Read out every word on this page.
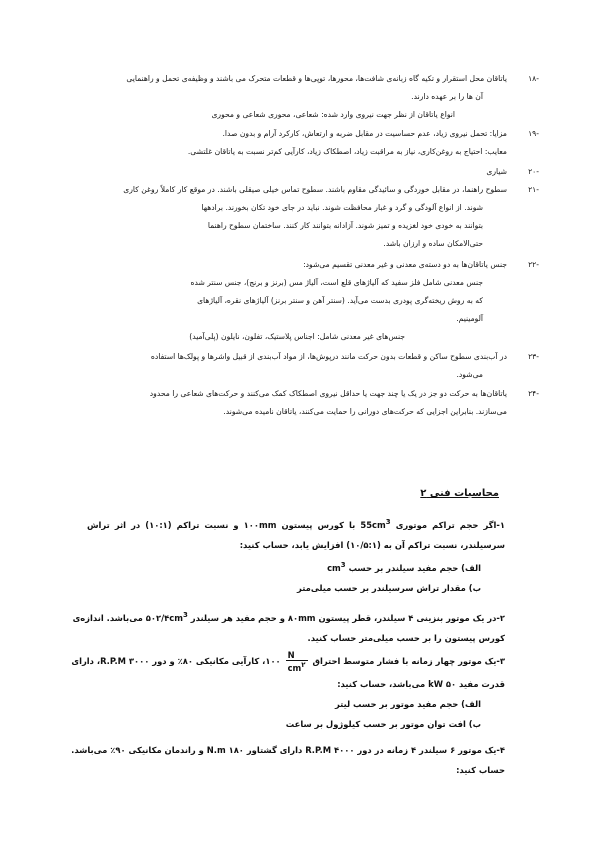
۱۸-
یاتاقان محل استقرار و تکیه گاه زبانه‌ی شافت‌ها، محورها، توپی‌ها و قطعات متحرک می باشند و وظیفه‌ی تحمل و راهنمایی
آن ها را بر عهده دارند.
انواع یاتاقان از نظر جهت نیروی وارد شده: شعاعی، محوری شعاعی و محوری
۱۹-
مزایا: تحمل نیروی زیاد، عدم حساسیت در مقابل ضربه و ارتعاش، کارکرد آرام و بدون صدا.
معایب: احتیاج به روغن‌کاری، نیاز به مراقبت زیاد، اصطکاک زیاد، کارآیی کم‌تر نسبت به یاتاقان غلتشی.
۲۰-
شیاری
۲۱-
سطوح راهنما، در مقابل خوردگی و سائیدگی مقاوم باشند. سطوح تماس خیلی صیقلی باشند. در موقع کار کاملاً روغن کاری
شوند. از انواع آلودگی و گرد و غبار محافظت شوند. نباید در جای خود تکان بخورند. برادهها
بتوانند به خودی خود لغزیده و تمیز شوند. آزادانه بتوانند کار کنند. ساختمان سطوح راهنما
حتی‌الامکان ساده و ارزان باشد.
۲۲-
جنس یاتاقان‌ها به دو دسته‌ی معدنی و غیر معدنی تقسیم می‌شود:
جنس معدنی شامل فلز سفید که آلیاژهای قلع است، آلیاژ مس (برنز و برنج)، جنس سنتر شده
که به روش ریخته‌گری پودری بدست می‌آید. (سنتر آهن و سنتر برنز) آلیاژهای نقره، آلیاژهای
آلومینیم.
جنس‌های غیر معدنی شامل: اجناس پلاستیک، تفلون، نایلون (پلی‌آمید)
۲۳-
در آب‌بندی سطوح ساکن و قطعات بدون حرکت مانند درپوش‌ها، از مواد آب‌بندی از قبیل واشرها و پولک‌ها استفاده
می‌شود.
۲۴-
یاتاقان‌ها به حرکت دو جز در یک یا چند جهت یا حداقل نیروی اصطکاک کمک می‌کنند و حرکت‌های شعاعی را محدود
می‌سازند. بنابراین اجزایی که حرکت‌های دورانی را حمایت می‌کنند، یاتاقان نامیده می‌شوند.
محاسبات فنی ۲
۱-اگر حجم تراکم موتوری $55cm^3$ با کورس پیستون ۱۰۰mm و نسبت تراکم (۱۰:۱) در اثر تراش
سرسیلندر، نسبت تراکم آن به (۱۰/۵:۱) افزایش یابد، حساب کنید:
الف) حجم مفید سیلندر بر حسب $cm^3$
ب) مقدار تراش سرسیلندر بر حسب میلی‌متر
۲-در یک موتور بنزینی ۴ سیلندر، قطر پیستون ۸۰mm و حجم مفید هر سیلندر $۵۰۲/۴cm^3$ می‌باشد. اندازه‌ی
کورس پیستون را بر حسب میلی‌متر حساب کنید.
۳-یک موتور چهار زمانه با فشار متوسط احتراق
$\frac{N}{cm^۲}$
۱۰۰، کارآیی مکانیکی ۸۰٪ و دور R.P.M ۳۰۰۰، دارای
قدرت مفید ۵۰ kW می‌باشد، حساب کنید:
الف) حجم مفید موتور بر حسب لیتر
ب) افت توان موتور بر حسب کیلوژول بر ساعت
۴-یک موتور ۶ سیلندر ۴ زمانه در دور R.P.M ۴۰۰۰ دارای گشتاور N.m ۱۸۰ و راندمان مکانیکی ۹۰٪ می‌باشد.
حساب کنید:
